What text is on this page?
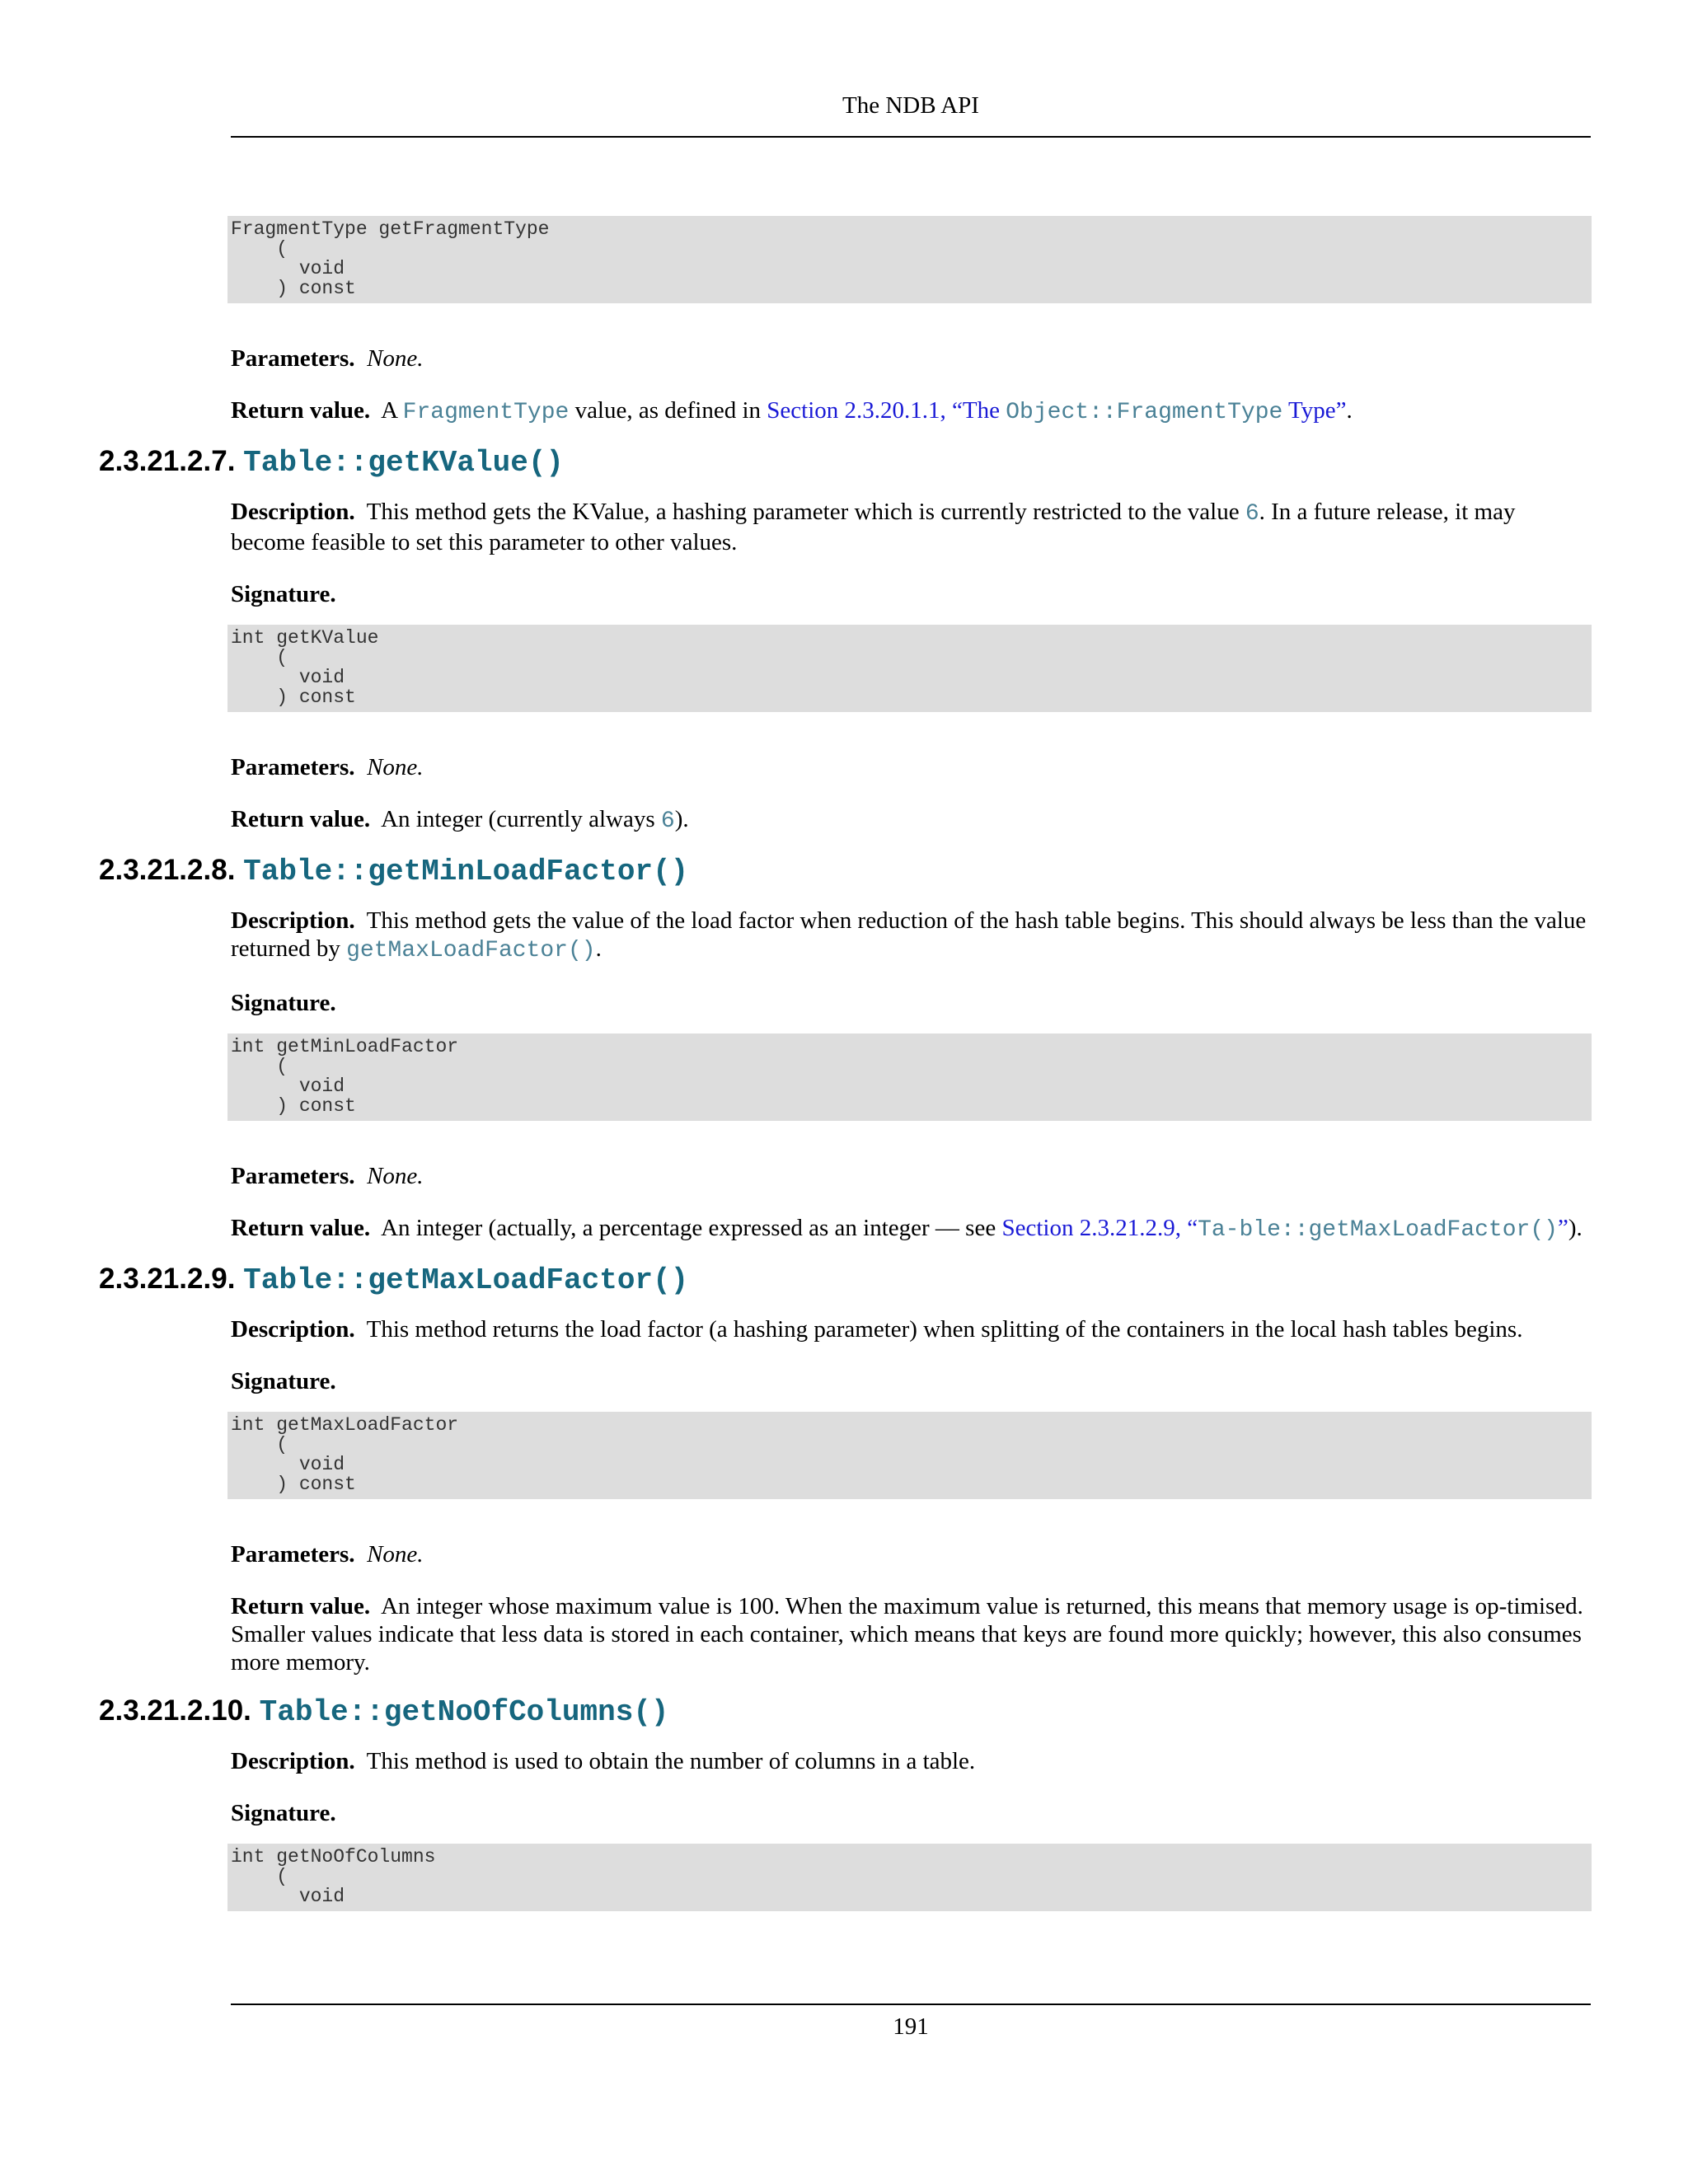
The NDB API
FragmentType getFragmentType
(
void
) const

Parameters. None.

Return value. A FragmentType value, as defined in Section 2.3.20.1.1, “The Object::FragmentType Type”.

2.3.21.2.7. Table::getKValue()

Description. This method gets the KValue, a hashing parameter which is currently restricted to the value 6. In a future release, it may become feasible to set this parameter to other values.

Signature.

int getKValue
(
void
) const

Parameters. None.

Return value. An integer (currently always 6).

2.3.21.2.8. Table::getMinLoadFactor()

Description. This method gets the value of the load factor when reduction of the hash table begins. This should always be less than the value returned by getMaxLoadFactor().

Signature.

int getMinLoadFactor
(
void
) const

Parameters. None.

Return value. An integer (actually, a percentage expressed as an integer — see Section 2.3.21.2.9, “Ta-ble::getMaxLoadFactor()”).

2.3.21.2.9. Table::getMaxLoadFactor()

Description. This method returns the load factor (a hashing parameter) when splitting of the containers in the local hash tables begins.

Signature.

int getMaxLoadFactor
(
void
) const

Parameters. None.

Return value. An integer whose maximum value is 100. When the maximum value is returned, this means that memory usage is op-timised. Smaller values indicate that less data is stored in each container, which means that keys are found more quickly; however, this also consumes more memory.

2.3.21.2.10. Table::getNoOfColumns()

Description. This method is used to obtain the number of columns in a table.

Signature.

int getNoOfColumns
(
void
191
